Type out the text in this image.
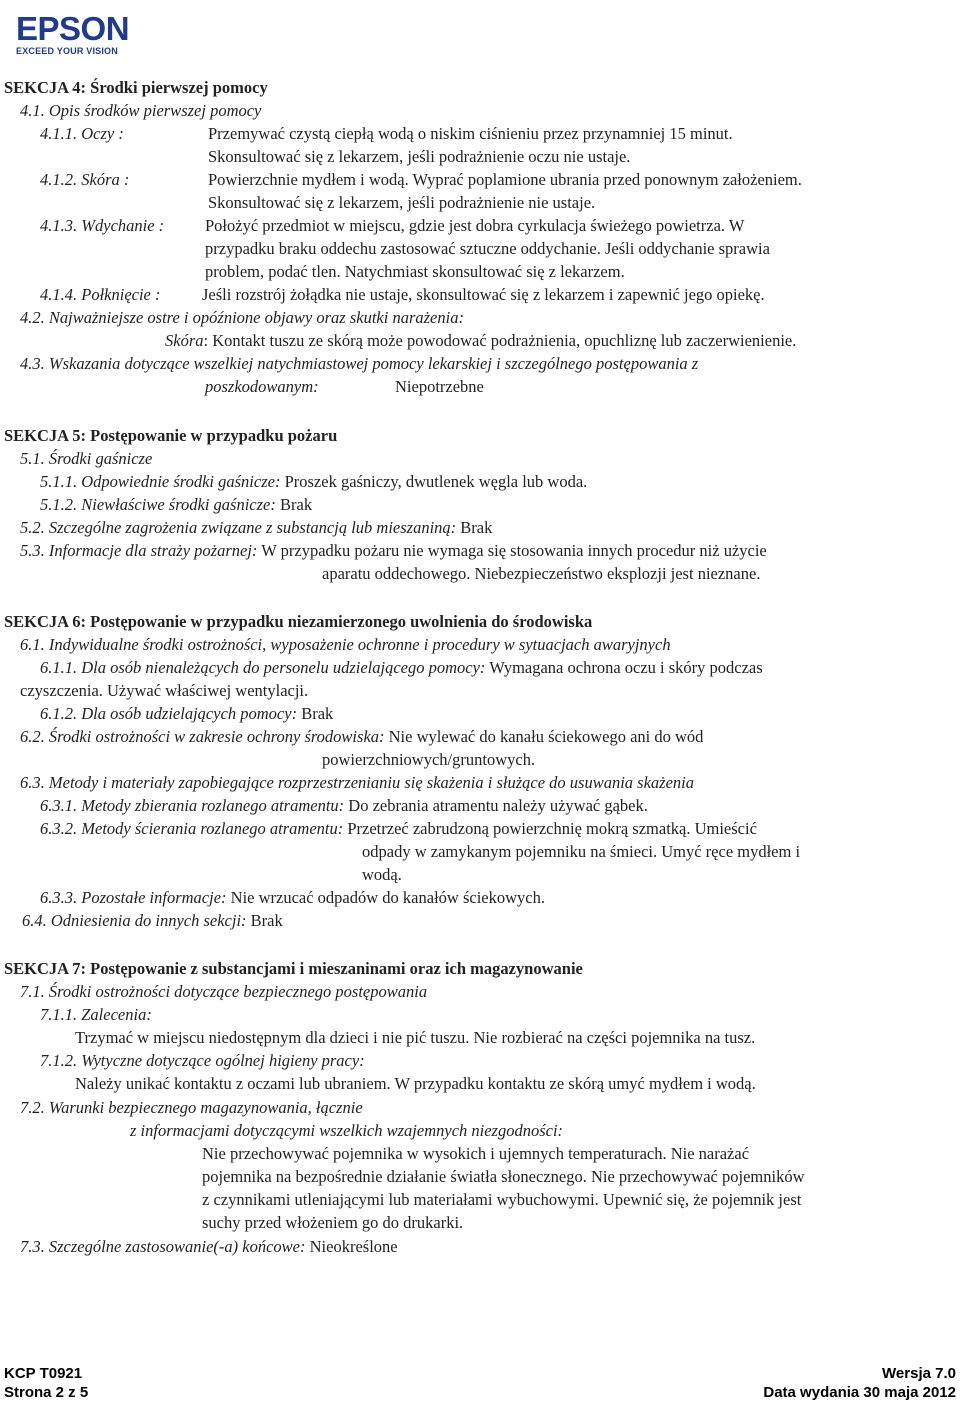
EPSON
EXCEED YOUR VISION
SEKCJA 4: Środki pierwszej pomocy
4.1. Opis środków pierwszej pomocy
4.1.1. Oczy :	Przemywać czystą ciepłą wodą o niskim ciśnieniu przez przynamniej 15 minut.
Skonsultować się z lekarzem, jeśli podrażnienie oczu nie ustaje.
4.1.2. Skóra :	Powierzchnie mydłem i wodą. Wyprać poplamione ubrania przed ponownym założeniem.
Skonsultować się z lekarzem, jeśli podrażnienie nie ustaje.
4.1.3. Wdychanie : Położyć przedmiot w miejscu, gdzie jest dobra cyrkulacja świeżego powietrza. W
przypadku braku oddechu zastosować sztuczne oddychanie. Jeśli oddychanie sprawia
problem, podać tlen. Natychmiast skonsultować się z lekarzem.
4.1.4. Połknięcie :	Jeśli rozstrój żołądka nie ustaje, skonsultować się z lekarzem i zapewnić jego opiekę.
4.2. Najważniejsze ostre i opóźnione objawy oraz skutki narażenia:
Skóra: Kontakt tuszu ze skórą może powodować podrażnienia, opuchliznę lub zaczerwienienie.
4.3. Wskazania dotyczące wszelkiej natychmiastowej pomocy lekarskiej i szczególnego postępowania z
poszkodowanym:	Niepotrzebne
SEKCJA 5: Postępowanie w przypadku pożaru
5.1. Środki gaśnicze
5.1.1. Odpowiednie środki gaśnicze: Proszek gaśniczy, dwutlenek węgla lub woda.
5.1.2. Niewłaściwe środki gaśnicze: Brak
5.2. Szczególne zagrożenia związane z substancją lub mieszaniną: Brak
5.3. Informacje dla straży pożarnej: W przypadku pożaru nie wymaga się stosowania innych procedur niż użycie
aparatu oddechowego. Niebezpieczeństwo eksplozji jest nieznane.
SEKCJA 6: Postępowanie w przypadku niezamierzonego uwolnienia do środowiska
6.1. Indywidualne środki ostrożności, wyposażenie ochronne i procedury w sytuacjach awaryjnych
6.1.1. Dla osób nienależących do personelu udzielającego pomocy: Wymagana ochrona oczu i skóry podczas
czyszczenia. Używać właściwej wentylacji.
6.1.2. Dla osób udzielających pomocy: Brak
6.2. Środki ostrożności w zakresie ochrony środowiska: Nie wylewać do kanału ściekowego ani do wód
powierzchniowych/gruntowych.
6.3. Metody i materiały zapobiegające rozprzestrzenianiu się skażenia i służące do usuwania skażenia
6.3.1. Metody zbierania rozlanego atramentu: Do zebrania atramentu należy używać gąbek.
6.3.2. Metody ścierania rozlanego atramentu: Przetrzeć zabrudzoną powierzchnię mokrą szmatką. Umieścić
odpady w zamykanym pojemniku na śmieci. Umyć ręce mydłem i
wodą.
6.3.3. Pozostałe informacje: Nie wrzucać odpadów do kanałów ściekowych.
6.4. Odniesienia do innych sekcji: Brak
SEKCJA 7: Postępowanie z substancjami i mieszaninami oraz ich magazynowanie
7.1. Środki ostrożności dotyczące bezpiecznego postępowania
7.1.1. Zalecenia:
Trzymać w miejscu niedostępnym dla dzieci i nie pić tuszu. Nie rozbierać na części pojemnika na tusz.
7.1.2. Wytyczne dotyczące ogólnej higieny pracy:
Należy unikać kontaktu z oczami lub ubraniem. W przypadku kontaktu ze skórą umyć mydłem i wodą.
7.2. Warunki bezpiecznego magazynowania, łącznie
z informacjami dotyczącymi wszelkich wzajemnych niezgodności:
Nie przechowywać pojemnika w wysokich i ujemnych temperaturach. Nie narażać
pojemnika na bezpośrednie działanie światła słonecznego. Nie przechowywać pojemników
z czynnikami utleniającymi lub materiałami wybuchowymi. Upewnić się, że pojemnik jest
suchy przed włożeniem go do drukarki.
7.3. Szczególne zastosowanie(-a) końcowe: Nieokreślone
KCP T0921
Strona 2 z 5
Wersja 7.0
Data wydania 30 maja 2012
